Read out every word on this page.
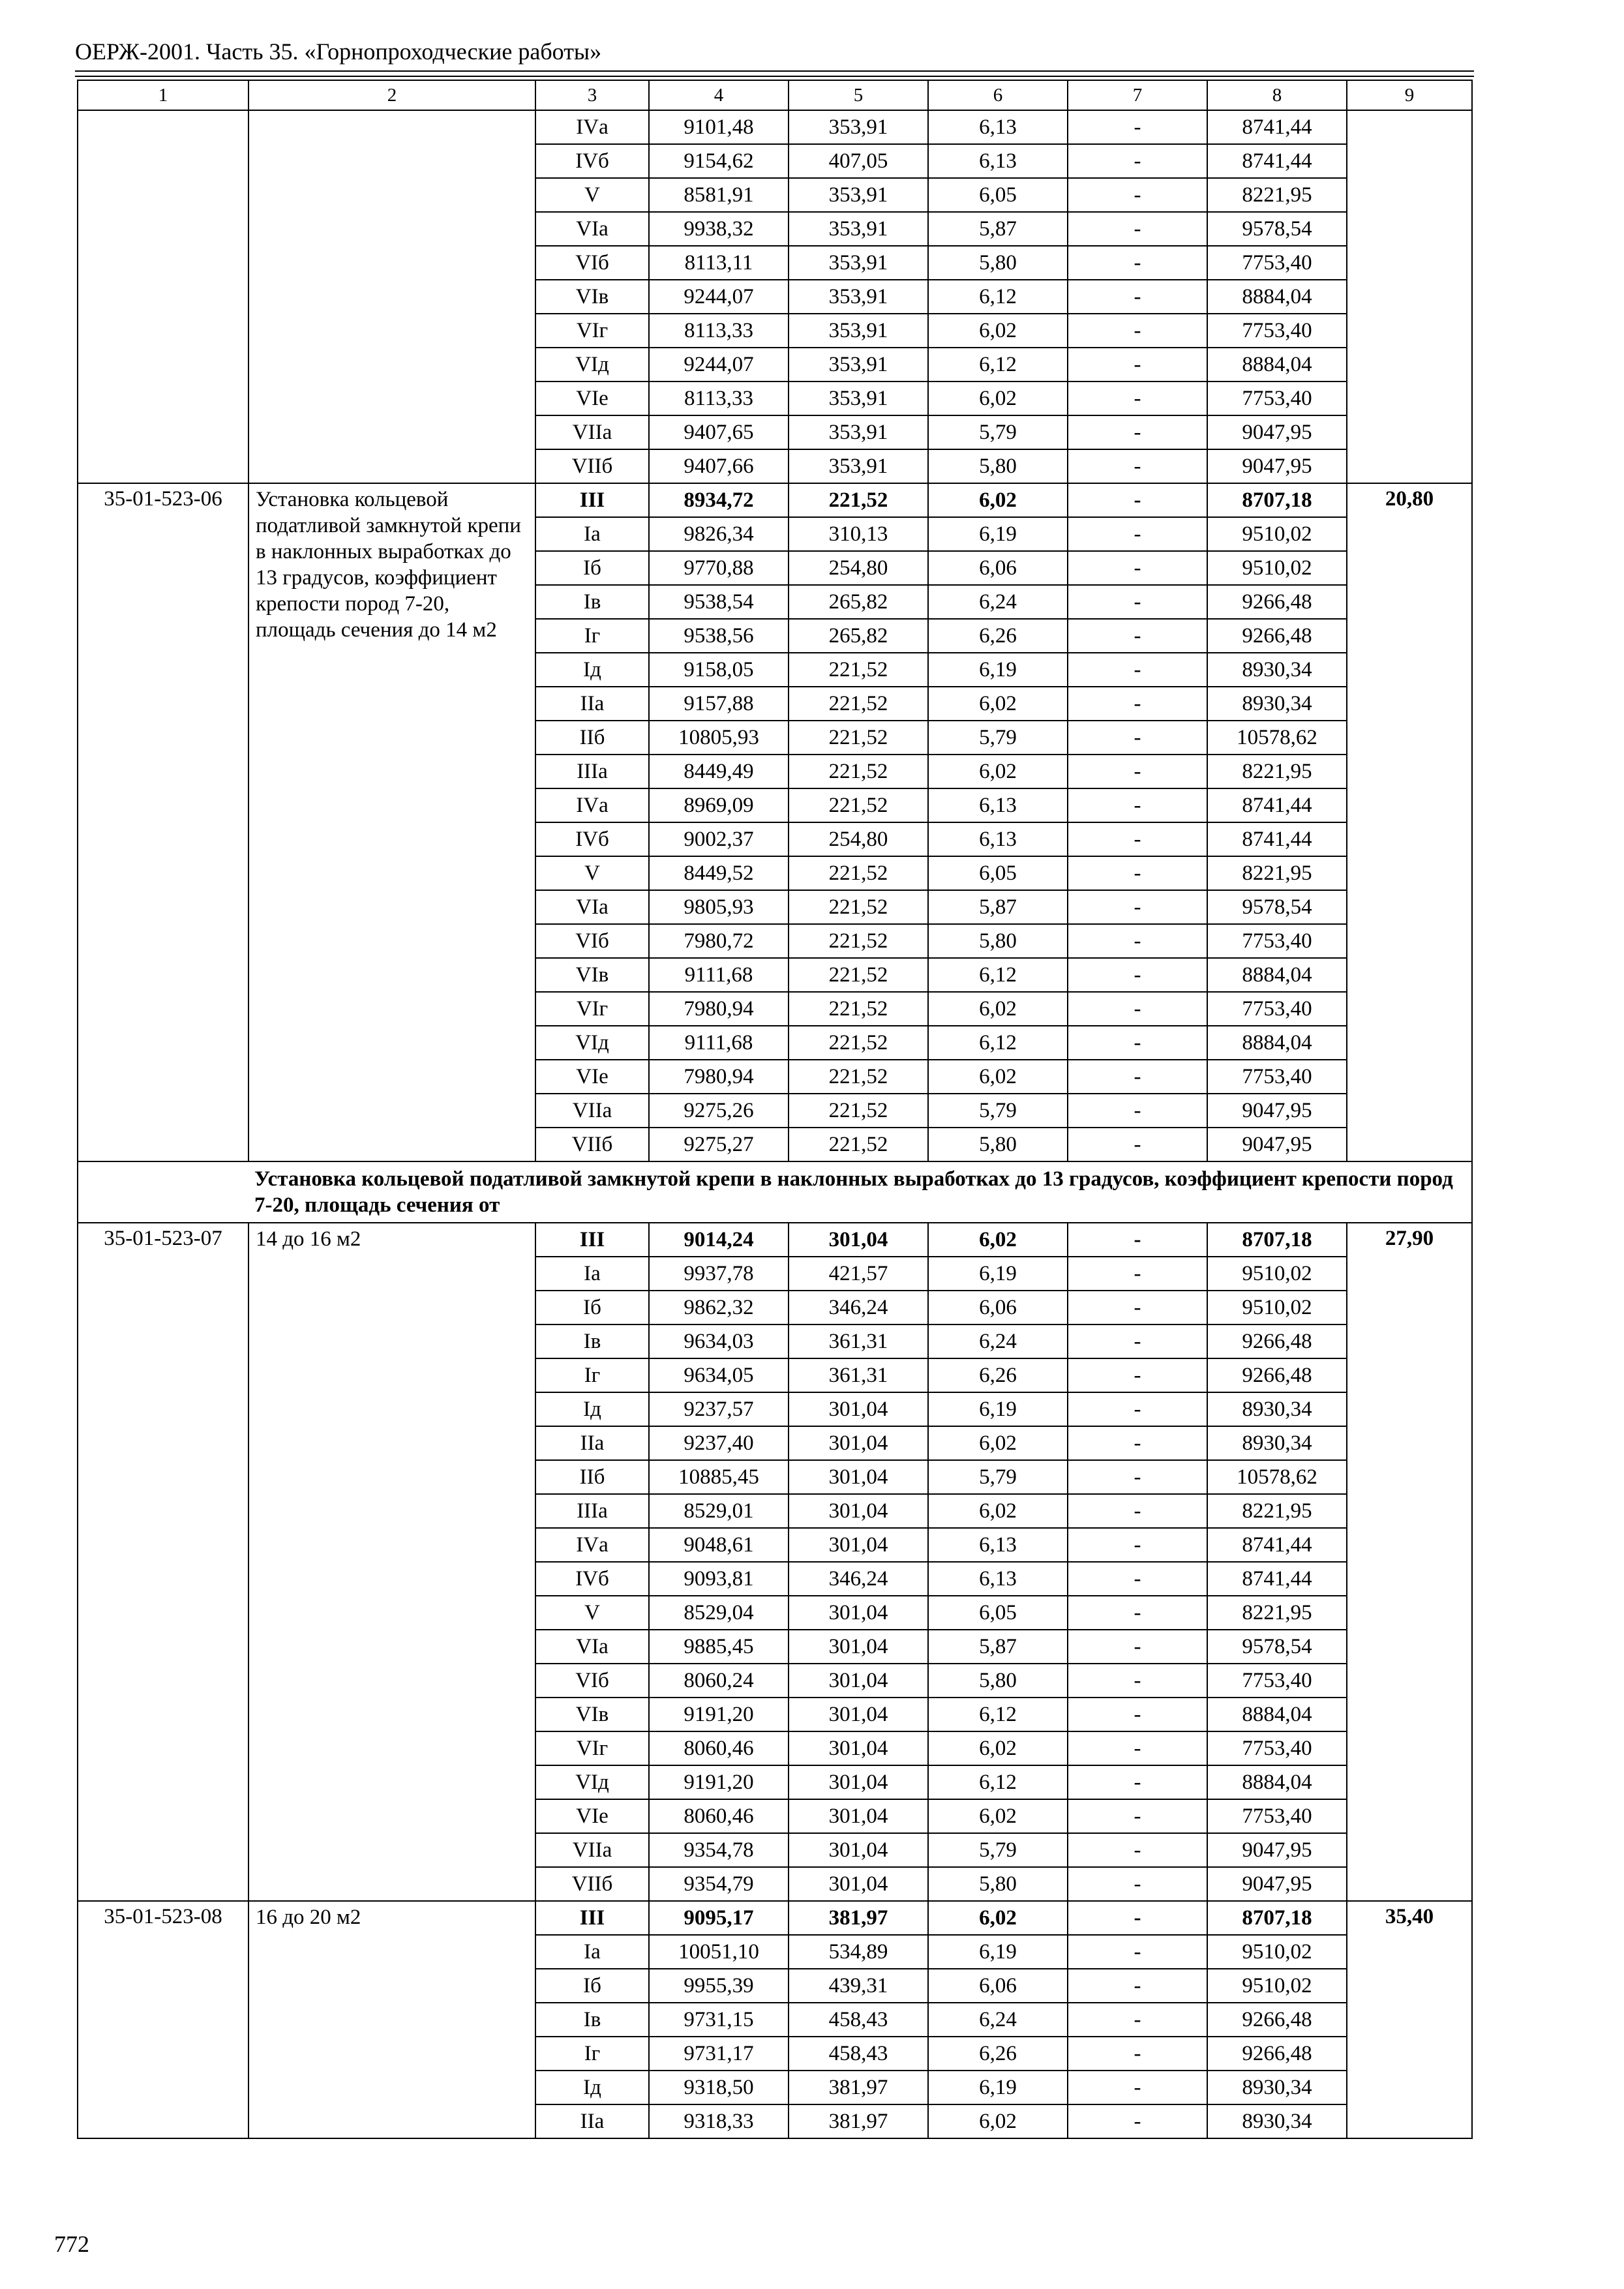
ОЕРЖ-2001. Часть 35. «Горнопроходческие работы»
1	2	3	4	5	6	7	8	9
		IVа	9101,48	353,91	6,13	-	8741,44	
		IVб	9154,62	407,05	6,13	-	8741,44	
		V	8581,91	353,91	6,05	-	8221,95	
		VIа	9938,32	353,91	5,87	-	9578,54	
		VIб	8113,11	353,91	5,80	-	7753,40	
		VIв	9244,07	353,91	6,12	-	8884,04	
		VIг	8113,33	353,91	6,02	-	7753,40	
		VIд	9244,07	353,91	6,12	-	8884,04	
		VIе	8113,33	353,91	6,02	-	7753,40	
		VIIа	9407,65	353,91	5,79	-	9047,95	
		VIIб	9407,66	353,91	5,80	-	9047,95	
35-01-523-06	Установка кольцевой податливой замкнутой крепи в наклонных выработках до 13 градусов, коэффициент крепости пород 7-20, площадь сечения до 14 м2	III	8934,72	221,52	6,02	-	8707,18	20,80
		Iа	9826,34	310,13	6,19	-	9510,02	
		Iб	9770,88	254,80	6,06	-	9510,02	
		Iв	9538,54	265,82	6,24	-	9266,48	
		Iг	9538,56	265,82	6,26	-	9266,48	
		Iд	9158,05	221,52	6,19	-	8930,34	
		IIа	9157,88	221,52	6,02	-	8930,34	
		IIб	10805,93	221,52	5,79	-	10578,62	
		IIIа	8449,49	221,52	6,02	-	8221,95	
		IVа	8969,09	221,52	6,13	-	8741,44	
		IVб	9002,37	254,80	6,13	-	8741,44	
		V	8449,52	221,52	6,05	-	8221,95	
		VIа	9805,93	221,52	5,87	-	9578,54	
		VIб	7980,72	221,52	5,80	-	7753,40	
		VIв	9111,68	221,52	6,12	-	8884,04	
		VIг	7980,94	221,52	6,02	-	7753,40	
		VIд	9111,68	221,52	6,12	-	8884,04	
		VIе	7980,94	221,52	6,02	-	7753,40	
		VIIа	9275,26	221,52	5,79	-	9047,95	
		VIIб	9275,27	221,52	5,80	-	9047,95	
Установка кольцевой податливой замкнутой крепи в наклонных выработках до 13 градусов, коэффициент крепости пород 7-20, площадь сечения от								
35-01-523-07	14 до 16 м2	III	9014,24	301,04	6,02	-	8707,18	27,90
		Iа	9937,78	421,57	6,19	-	9510,02	
		Iб	9862,32	346,24	6,06	-	9510,02	
		Iв	9634,03	361,31	6,24	-	9266,48	
		Iг	9634,05	361,31	6,26	-	9266,48	
		Iд	9237,57	301,04	6,19	-	8930,34	
		IIа	9237,40	301,04	6,02	-	8930,34	
		IIб	10885,45	301,04	5,79	-	10578,62	
		IIIа	8529,01	301,04	6,02	-	8221,95	
		IVа	9048,61	301,04	6,13	-	8741,44	
		IVб	9093,81	346,24	6,13	-	8741,44	
		V	8529,04	301,04	6,05	-	8221,95	
		VIа	9885,45	301,04	5,87	-	9578,54	
		VIб	8060,24	301,04	5,80	-	7753,40	
		VIв	9191,20	301,04	6,12	-	8884,04	
		VIг	8060,46	301,04	6,02	-	7753,40	
		VIд	9191,20	301,04	6,12	-	8884,04	
		VIе	8060,46	301,04	6,02	-	7753,40	
		VIIа	9354,78	301,04	5,79	-	9047,95	
		VIIб	9354,79	301,04	5,80	-	9047,95	
35-01-523-08	16 до 20 м2	III	9095,17	381,97	6,02	-	8707,18	35,40
		Iа	10051,10	534,89	6,19	-	9510,02	
		Iб	9955,39	439,31	6,06	-	9510,02	
		Iв	9731,15	458,43	6,24	-	9266,48	
		Iг	9731,17	458,43	6,26	-	9266,48	
		Iд	9318,50	381,97	6,19	-	8930,34	
		IIа	9318,33	381,97	6,02	-	8930,34	
772
